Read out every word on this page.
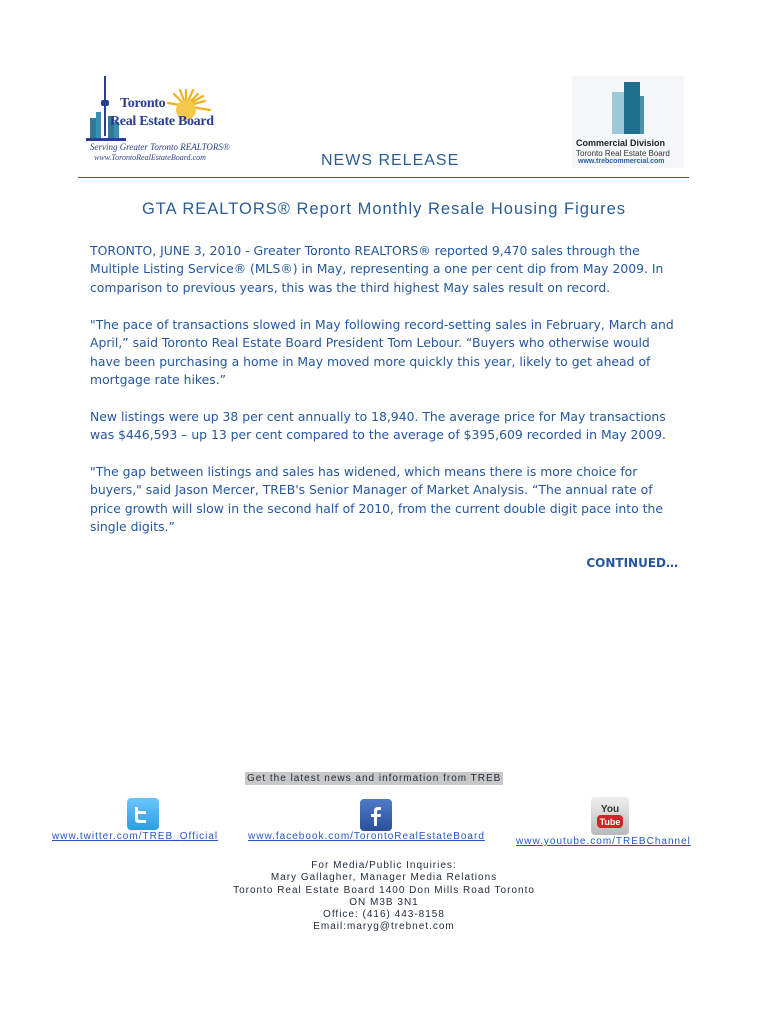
Toronto
Real Estate Board
Serving Greater Toronto REALTORS®
www.TorontoRealEstateBoard.com	NEWS RELEASE
Commercial Division
Toronto Real Estate Board
www.trebcommercial.com
GTA REALTORS® Report Monthly Resale Housing Figures

TORONTO, JUNE 3, 2010 - Greater Toronto REALTORS® reported 9,470 sales through the Multiple Listing Service® (MLS®) in May, representing a one per cent dip from May 2009. In comparison to previous years, this was the third highest May sales result on record.

"The pace of transactions slowed in May following record-setting sales in February, March and April,” said Toronto Real Estate Board President Tom Lebour. “Buyers who otherwise would have been purchasing a home in May moved more quickly this year, likely to get ahead of mortgage rate hikes.”

New listings were up 38 per cent annually to 18,940. The average price for May transactions was $446,593 – up 13 per cent compared to the average of $395,609 recorded in May 2009.

"The gap between listings and sales has widened, which means there is more choice for buyers," said Jason Mercer, TREB's Senior Manager of Market Analysis. “The annual rate of price growth will slow in the second half of 2010, from the current double digit pace into the single digits.”

CONTINUED…
Get the latest news and information from TREB
www.twitter.com/TREB_Official	www.facebook.com/TorontoRealEstateBoard
You
Tube
www.youtube.com/TREBChannel
For Media/Public Inquiries:
Mary Gallagher, Manager Media Relations
Toronto Real Estate Board 1400 Don Mills Road Toronto
ON M3B 3N1
Office: (416) 443-8158
Email:maryg@trebnet.com
